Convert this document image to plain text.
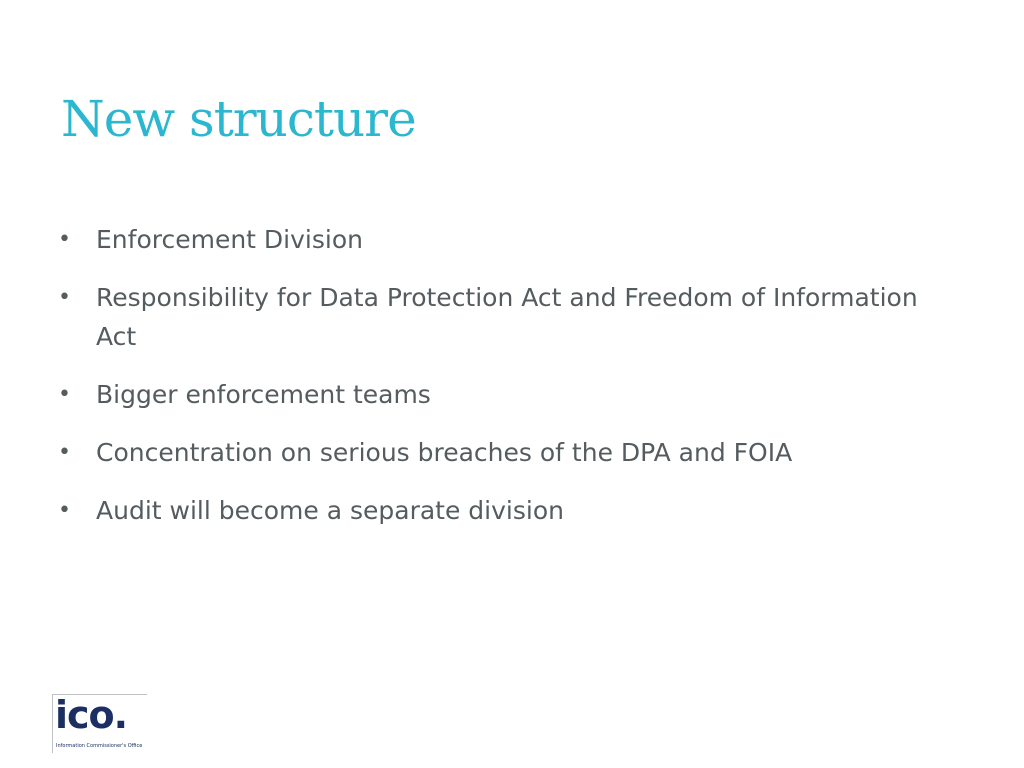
New structure
• Enforcement Division
• Responsibility for Data Protection Act and Freedom of Information Act
• Bigger enforcement teams
• Concentration on serious breaches of the DPA and FOIA
• Audit will become a separate division
ico.
Information Commissioner's Office
